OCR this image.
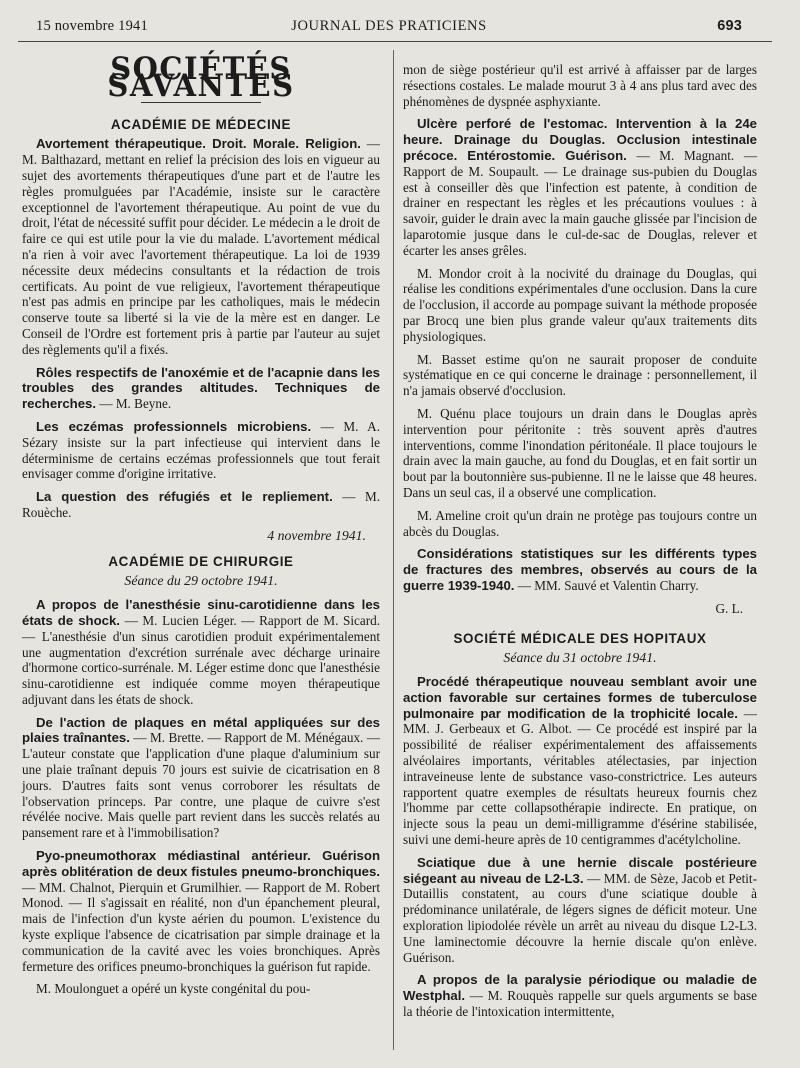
15 novembre 1941	JOURNAL DES PRATICIENS	693
SOCIÉTÉS SAVANTES
ACADÉMIE DE MÉDECINE

Avortement thérapeutique. Droit. Morale. Religion. — M. Balthazard, mettant en relief la précision des lois en vigueur au sujet des avortements thérapeutiques d'une part et de l'autre les règles promulguées par l'Académie, insiste sur le caractère exceptionnel de l'avortement thérapeutique. Au point de vue du droit, l'état de nécessité suffit pour décider. Le médecin a le droit de faire ce qui est utile pour la vie du malade. L'avortement médical n'a rien à voir avec l'avortement thérapeutique. La loi de 1939 nécessite deux médecins consultants et la rédaction de trois certificats. Au point de vue religieux, l'avortement thérapeutique n'est pas admis en principe par les catholiques, mais le médecin conserve toute sa liberté si la vie de la mère est en danger. Le Conseil de l'Ordre est fortement pris à partie par l'auteur au sujet des règlements qu'il a fixés.

Rôles respectifs de l'anoxémie et de l'acapnie dans les troubles des grandes altitudes. Techniques de recherches. — M. Beyne.

Les eczémas professionnels microbiens. — M. A. Sézary insiste sur la part infectieuse qui intervient dans le déterminisme de certains eczémas professionnels que tout ferait envisager comme d'origine irritative.

La question des réfugiés et le repliement. — M. Rouèche.

4 novembre 1941.
ACADÉMIE DE CHIRURGIE
Séance du 29 octobre 1941.

A propos de l'anesthésie sinu-carotidienne dans les états de shock. — M. Lucien Léger. — Rapport de M. Sicard. — L'anesthésie d'un sinus carotidien produit expérimentalement une augmentation d'excrétion surrénale avec décharge urinaire d'hormone cortico-surrénale. M. Léger estime donc que l'anesthésie sinu-carotidienne est indiquée comme moyen thérapeutique adjuvant dans les états de shock.

De l'action de plaques en métal appliquées sur des plaies traînantes. — M. Brette. — Rapport de M. Ménégaux. — L'auteur constate que l'application d'une plaque d'aluminium sur une plaie traînant depuis 70 jours est suivie de cicatrisation en 8 jours. D'autres faits sont venus corroborer les résultats de l'observation princeps. Par contre, une plaque de cuivre s'est révélée nocive. Mais quelle part revient dans les succès relatés au pansement rare et à l'immobilisation?

Pyo-pneumothorax médiastinal antérieur. Guérison après oblitération de deux fistules pneumo-bronchiques. — MM. Chalnot, Pierquin et Grumilhier. — Rapport de M. Robert Monod. — Il s'agissait en réalité, non d'un épanchement pleural, mais de l'infection d'un kyste aérien du poumon. L'existence du kyste explique l'absence de cicatrisation par simple drainage et la communication de la cavité avec les voies bronchiques. Après fermeture des orifices pneumo-bronchiques la guérison fut rapide.

M. Moulonguet a opéré un kyste congénital du pou-

mon de siège postérieur qu'il est arrivé à affaisser par de larges résections costales. Le malade mourut 3 à 4 ans plus tard avec des phénomènes de dyspnée asphyxiante.

Ulcère perforé de l'estomac. Intervention à la 24e heure. Drainage du Douglas. Occlusion intestinale précoce. Entérostomie. Guérison. — M. Magnant. — Rapport de M. Soupault. — Le drainage sus-pubien du Douglas est à conseiller dès que l'infection est patente, à condition de drainer en respectant les règles et les précautions voulues : à savoir, guider le drain avec la main gauche glissée par l'incision de laparotomie jusque dans le cul-de-sac de Douglas, relever et écarter les anses grêles.

M. Mondor croit à la nocivité du drainage du Douglas, qui réalise les conditions expérimentales d'une occlusion. Dans la cure de l'occlusion, il accorde au pompage suivant la méthode proposée par Brocq une bien plus grande valeur qu'aux traitements dits physiologiques.

M. Basset estime qu'on ne saurait proposer de conduite systématique en ce qui concerne le drainage : personnellement, il n'a jamais observé d'occlusion.

M. Quénu place toujours un drain dans le Douglas après intervention pour péritonite : très souvent après d'autres interventions, comme l'inondation péritonéale. Il place toujours le drain avec la main gauche, au fond du Douglas, et en fait sortir un bout par la boutonnière sus-pubienne. Il ne le laisse que 48 heures. Dans un seul cas, il a observé une complication.

M. Ameline croit qu'un drain ne protège pas toujours contre un abcès du Douglas.

Considérations statistiques sur les différents types de fractures des membres, observés au cours de la guerre 1939-1940. — MM. Sauvé et Valentin Charry.

G. L.
SOCIÉTÉ MÉDICALE DES HOPITAUX
Séance du 31 octobre 1941.

Procédé thérapeutique nouveau semblant avoir une action favorable sur certaines formes de tuberculose pulmonaire par modification de la trophicité locale. — MM. J. Gerbeaux et G. Albot. — Ce procédé est inspiré par la possibilité de réaliser expérimentalement des affaissements alvéolaires importants, véritables atélectasies, par injection intraveineuse lente de substance vaso-constrictrice. Les auteurs rapportent quatre exemples de résultats heureux fournis chez l'homme par cette collapsothérapie indirecte. En pratique, on injecte sous la peau un demi-milligramme d'ésérine stabilisée, suivi une demi-heure après de 10 centigrammes d'acétylcholine.

Sciatique due à une hernie discale postérieure siégeant au niveau de L2-L3. — MM. de Sèze, Jacob et Petit-Dutaillis constatent, au cours d'une sciatique double à prédominance unilatérale, de légers signes de déficit moteur. Une exploration lipiodolée révèle un arrêt au niveau du disque L2-L3. Une laminectomie découvre la hernie discale qu'on enlève. Guérison.

A propos de la paralysie périodique ou maladie de Westphal. — M. Rouquès rappelle sur quels arguments se base la théorie de l'intoxication intermittente,
